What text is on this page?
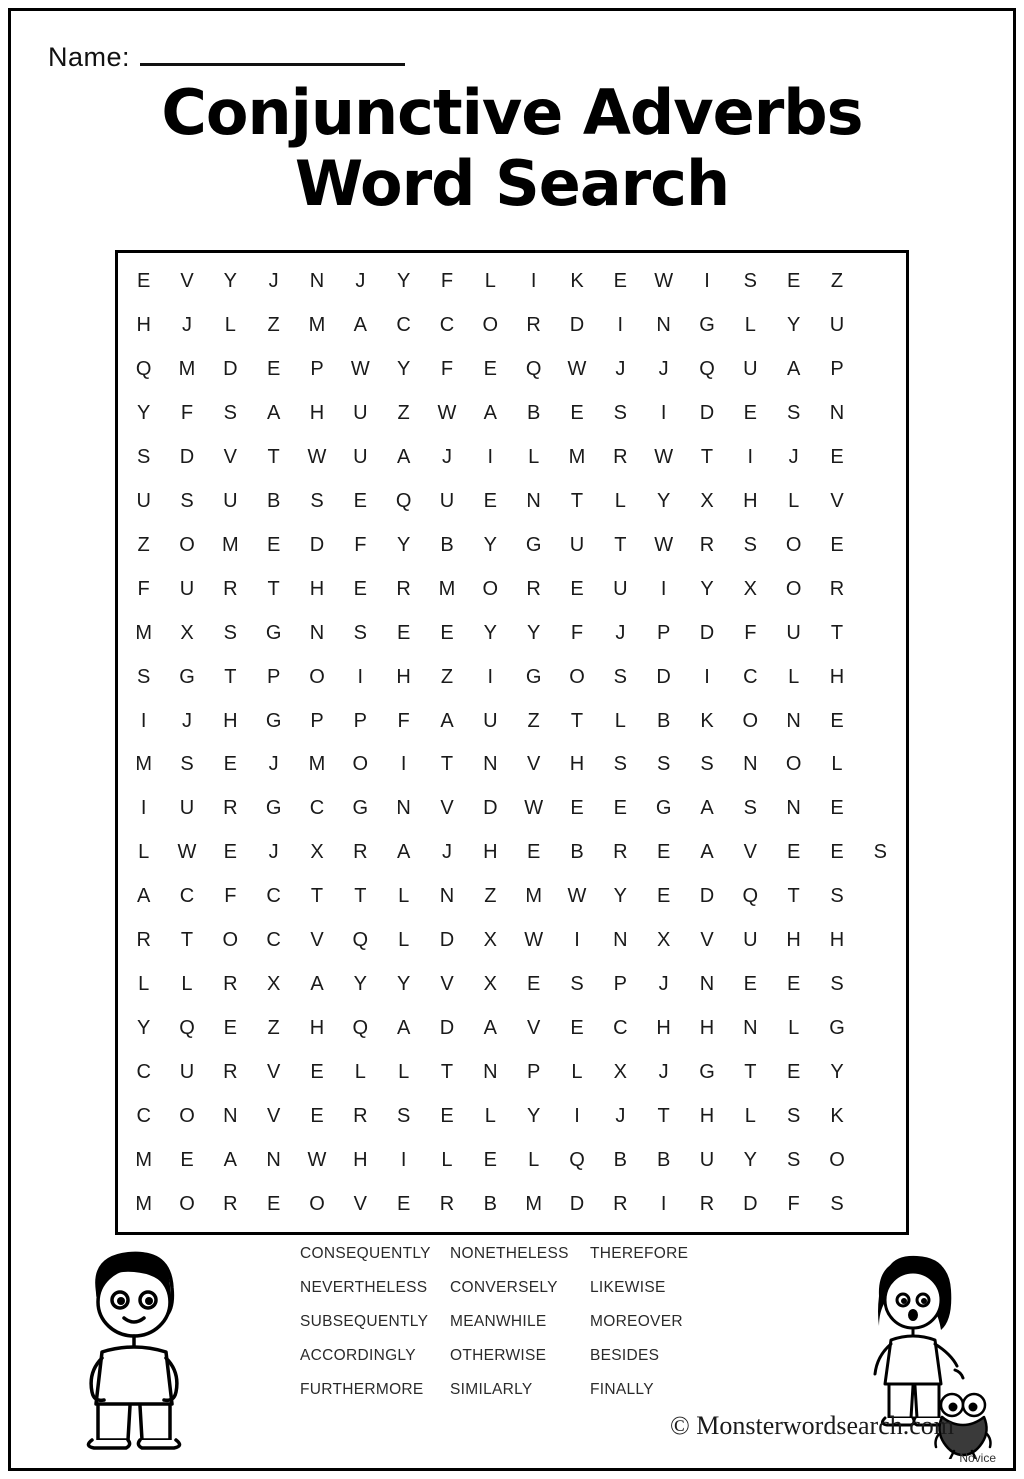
Name:
Conjunctive Adverbs
Word Search
E V Y J N J Y F L I K E W I S E Z
H J L Z M A C C O R D I N G L Y U
Q M D E P W Y F E Q W J J Q U A P
Y F S A H U Z W A B E S I D E S N
S D V T W U A J I L M R W T I J E
U S U B S E Q U E N T L Y X H L V
Z O M E D F Y B Y G U T W R S O E
F U R T H E R M O R E U I Y X O R
M X S G N S E E Y Y F J P D F U T
S G T P O I H Z I G O S D I C L H
I J H G P P F A U Z T L B K O N E
M S E J M O I T N V H S S S N O L
I U R G C G N V D W E E G A S N E
L W E J X R A J H E B R E A V E E S
A C F C T T L N Z M W Y E D Q T S
R T O C V Q L D X W I N X V U H H
L L R X A Y Y V X E S P J N E E S
Y Q E Z H Q A D A V E C H H N L G
C U R V E L L T N P L X J G T E Y
C O N V E R S E L Y I J T H L S K
M E A N W H I L E L Q B B U Y S O
M O R E O V E R B M D R I R D F S
CONSEQUENTLY	NONETHELESS	THEREFORE
NEVERTHELESS	CONVERSELY	LIKEWISE
SUBSEQUENTLY	MEANWHILE	MOREOVER
ACCORDINGLY	OTHERWISE	BESIDES
FURTHERMORE	SIMILARLY	FINALLY
© Monsterwordsearch.com
Novice
